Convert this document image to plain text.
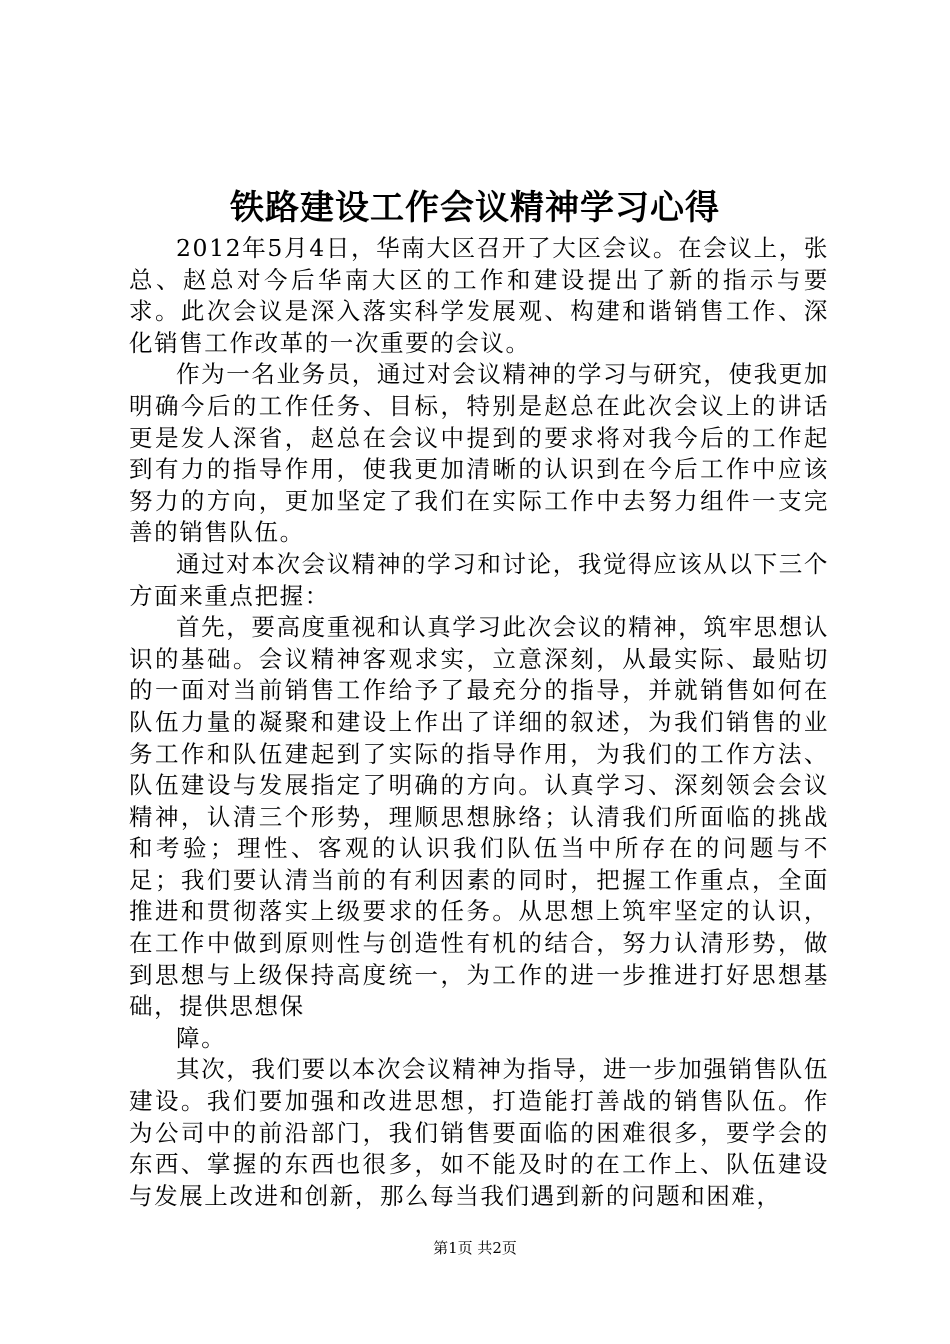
铁路建设工作会议精神学习心得

2012年5月4日，华南大区召开了大区会议。在会议上，张总、赵总对今后华南大区的工作和建设提出了新的指示与要求。此次会议是深入落实科学发展观、构建和谐销售工作、深化销售工作改革的一次重要的会议。

作为一名业务员，通过对会议精神的学习与研究，使我更加明确今后的工作任务、目标，特别是赵总在此次会议上的讲话更是发人深省，赵总在会议中提到的要求将对我今后的工作起到有力的指导作用，使我更加清晰的认识到在今后工作中应该努力的方向，更加坚定了我们在实际工作中去努力组件一支完善的销售队伍。

通过对本次会议精神的学习和讨论，我觉得应该从以下三个方面来重点把握：

首先，要高度重视和认真学习此次会议的精神，筑牢思想认识的基础。会议精神客观求实，立意深刻，从最实际、最贴切的一面对当前销售工作给予了最充分的指导，并就销售如何在队伍力量的凝聚和建设上作出了详细的叙述，为我们销售的业务工作和队伍建起到了实际的指导作用，为我们的工作方法、队伍建设与发展指定了明确的方向。认真学习、深刻领会会议精神，认清三个形势，理顺思想脉络；认清我们所面临的挑战和考验；理性、客观的认识我们队伍当中所存在的问题与不足；我们要认清当前的有利因素的同时，把握工作重点，全面推进和贯彻落实上级要求的任务。从思想上筑牢坚定的认识，在工作中做到原则性与创造性有机的结合，努力认清形势，做到思想与上级保持高度统一，为工作的进一步推进打好思想基础，提供思想保

障。

其次，我们要以本次会议精神为指导，进一步加强销售队伍建设。我们要加强和改进思想，打造能打善战的销售队伍。作为公司中的前沿部门，我们销售要面临的困难很多，要学会的东西、掌握的东西也很多，如不能及时的在工作上、队伍建设与发展上改进和创新，那么每当我们遇到新的问题和困难，

第1页 共2页
